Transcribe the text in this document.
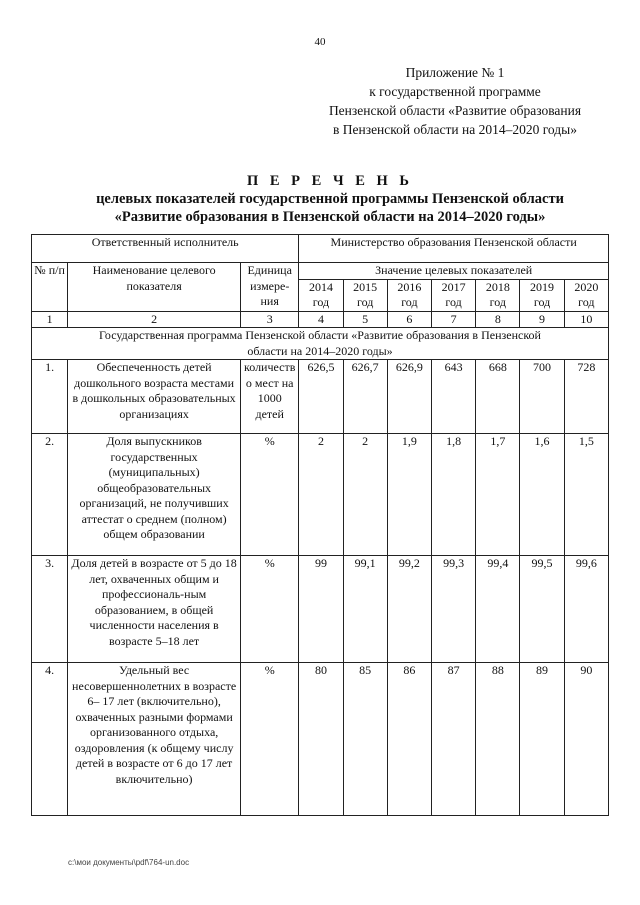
40
Приложение № 1
к государственной программе
Пензенской области «Развитие образования
в Пензенской области на 2014–2020 годы»
П Е Р Е Ч Е Н Ь
целевых показателей государственной программы Пензенской области
«Развитие образования в Пензенской области на 2014–2020 годы»
Ответственный исполнитель			Министерство образования Пензенской области						
№ п/п	Наименование целевого показателя	Единица измере-ния	Значение целевых показателей						
			2014 год	2015 год	2016 год	2017 год	2018 год	2019 год	2020 год
1	2	3	4	5	6	7	8	9	10
Государственная программа Пензенской области «Развитие образования в Пензенской области на 2014–2020 годы»									
1.	Обеспеченность детей дошкольного возраста местами в дошкольных образовательных организациях	количество мест на 1000 детей	626,5	626,7	626,9	643	668	700	728
2.	Доля выпускников государственных (муниципальных) общеобразовательных организаций, не получивших аттестат о среднем (полном) общем образовании	%	2	2	1,9	1,8	1,7	1,6	1,5
3.	Доля детей в возрасте от 5 до 18 лет, охваченных общим и профессиональ-ным образованием, в общей численности населения в возрасте 5–18 лет	%	99	99,1	99,2	99,3	99,4	99,5	99,6
4.	Удельный вес несовершеннолетних в возрасте 6– 17 лет (включительно), охваченных разными формами организованного отдыха, оздоровления (к общему числу детей в возрасте от 6 до 17 лет включительно)	%	80	85	86	87	88	89	90
c:\мои документы\pdf\764-un.doc
